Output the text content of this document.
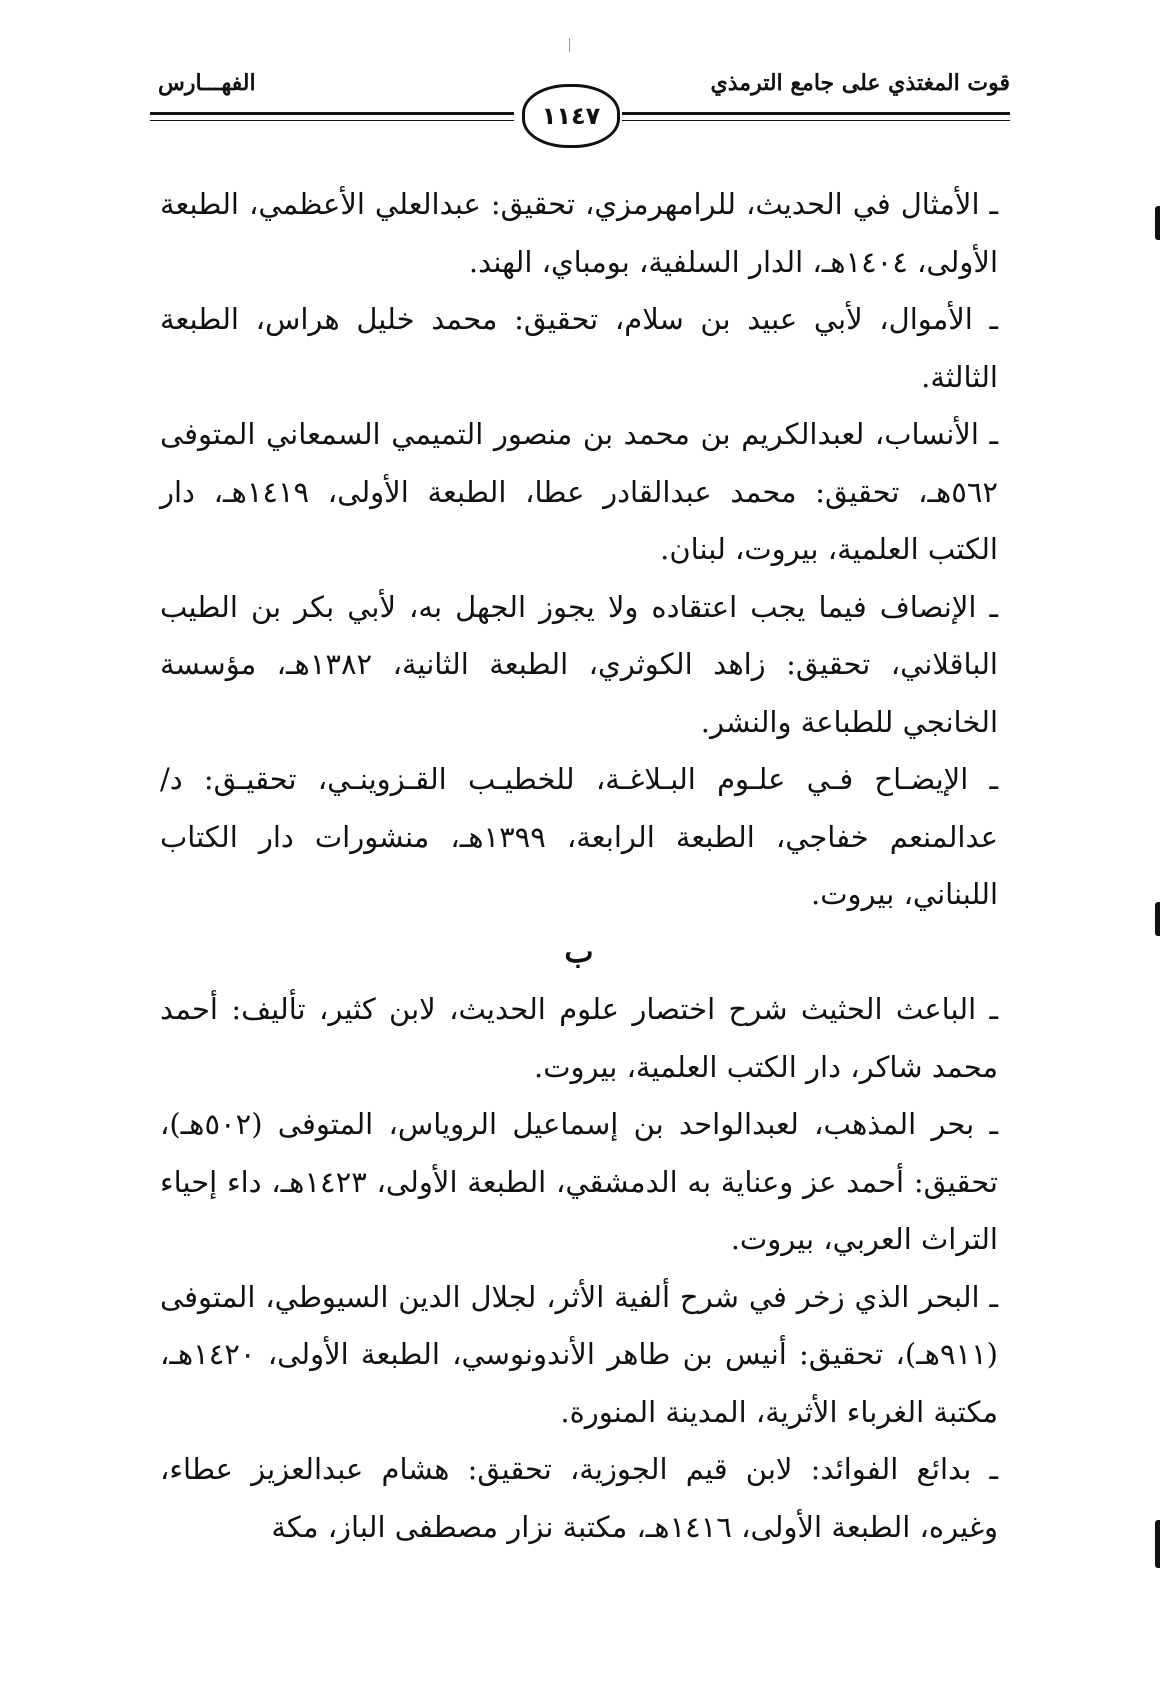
قوت المغتذي على جامع الترمذي
الفهـــارس
١١٤٧

ـ الأمثال في الحديث، للرامهرمزي، تحقيق: عبدالعلي الأعظمي، الطبعة الأولى، ١٤٠٤هـ، الدار السلفية، بومباي، الهند.

ـ الأموال، لأبي عبيد بن سلام، تحقيق: محمد خليل هراس، الطبعة الثالثة.

ـ الأنساب، لعبدالكريم بن محمد بن منصور التميمي السمعاني المتوفى ٥٦٢هـ، تحقيق: محمد عبدالقادر عطا، الطبعة الأولى، ١٤١٩هـ، دار الكتب العلمية، بيروت، لبنان.

ـ الإنصاف فيما يجب اعتقاده ولا يجوز الجهل به، لأبي بكر بن الطيب الباقلاني، تحقيق: زاهد الكوثري، الطبعة الثانية، ١٣٨٢هـ، مؤسسة الخانجي للطباعة والنشر.

ـ الإيضـاح فـي علـوم البـلاغـة، للخطيـب القـزوينـي، تحقيـق: د/عدالمنعم خفاجي، الطبعة الرابعة، ١٣٩٩هـ، منشورات دار الكتاب اللبناني، بيروت.

ب

ـ الباعث الحثيث شرح اختصار علوم الحديث، لابن كثير، تأليف: أحمد محمد شاكر، دار الكتب العلمية، بيروت.

ـ بحر المذهب، لعبدالواحد بن إسماعيل الروياس، المتوفى (٥٠٢هـ)، تحقيق: أحمد عز وعناية به الدمشقي، الطبعة الأولى، ١٤٢٣هـ، داء إحياء التراث العربي، بيروت.

ـ البحر الذي زخر في شرح ألفية الأثر، لجلال الدين السيوطي، المتوفى (٩١١هـ)، تحقيق: أنيس بن طاهر الأندونوسي، الطبعة الأولى، ١٤٢٠هـ، مكتبة الغرباء الأثرية، المدينة المنورة.

ـ بدائع الفوائد: لابن قيم الجوزية، تحقيق: هشام عبدالعزيز عطاء، وغيره، الطبعة الأولى، ١٤١٦هـ، مكتبة نزار مصطفى الباز، مكة
